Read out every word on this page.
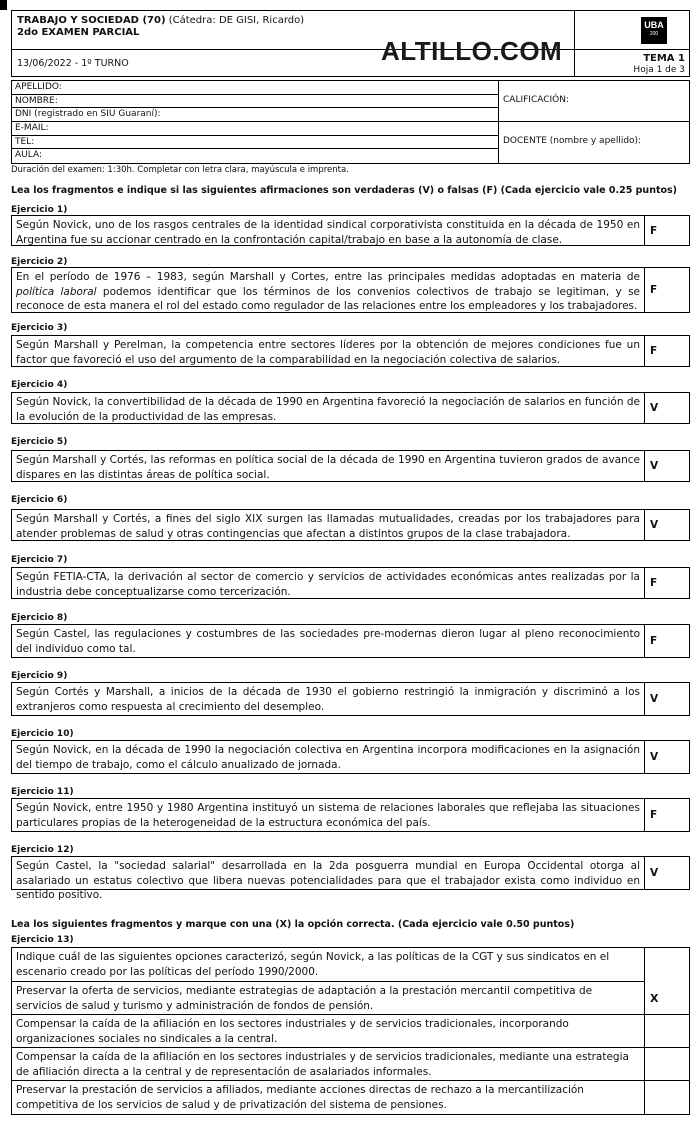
TRABAJO Y SOCIEDAD (70) (Cátedra: DE GISI, Ricardo)
2do EXAMEN PARCIAL
ALTILLO.COM
13/06/2022 - 1º TURNO
UBA
200
TEMA 1
Hoja 1 de 3
APELLIDO:
NOMBRE:
DNI (registrado en SIU Guaraní):
E-MAIL:
TEL:
AULA:
CALIFICACIÓN:
DOCENTE (nombre y apellido):
Duración del examen: 1:30h. Completar con letra clara, mayúscula e imprenta.
Lea los fragmentos e indique si las siguientes afirmaciones son verdaderas (V) o falsas (F) (Cada ejercicio vale 0.25 puntos)
Ejercicio 1)
Según Novick, uno de los rasgos centrales de la identidad sindical corporativista constituida en la década de 1950 en Argentina fue su accionar centrado en la confrontación capital/trabajo en base a la autonomía de clase.
F
Ejercicio 2)
En el período de 1976 – 1983, según Marshall y Cortes, entre las principales medidas adoptadas en materia de política laboral podemos identificar que los términos de los convenios colectivos de trabajo se legitiman, y se reconoce de esta manera el rol del estado como regulador de las relaciones entre los empleadores y los trabajadores.
F
Ejercicio 3)
Según Marshall y Perelman, la competencia entre sectores líderes por la obtención de mejores condiciones fue un factor que favoreció el uso del argumento de la comparabilidad en la negociación colectiva de salarios.
F
Ejercicio 4)
Según Novick, la convertibilidad de la década de 1990 en Argentina favoreció la negociación de salarios en función de la evolución de la productividad de las empresas.
V
Ejercicio 5)
Según Marshall y Cortés, las reformas en política social de la década de 1990 en Argentina tuvieron grados de avance dispares en las distintas áreas de política social.
V
Ejercicio 6)
Según Marshall y Cortés, a fines del siglo XIX surgen las llamadas mutualidades, creadas por los trabajadores para atender problemas de salud y otras contingencias que afectan a distintos grupos de la clase trabajadora.
V
Ejercicio 7)
Según FETIA-CTA, la derivación al sector de comercio y servicios de actividades económicas antes realizadas por la industria debe conceptualizarse como tercerización.
F
Ejercicio 8)
Según Castel, las regulaciones y costumbres de las sociedades pre-modernas dieron lugar al pleno reconocimiento del individuo como tal.
F
Ejercicio 9)
Según Cortés y Marshall, a inicios de la década de 1930 el gobierno restringió la inmigración y discriminó a los extranjeros como respuesta al crecimiento del desempleo.
V
Ejercicio 10)
Según Novick, en la década de 1990 la negociación colectiva en Argentina incorpora modificaciones en la asignación del tiempo de trabajo, como el cálculo anualizado de jornada.
V
Ejercicio 11)
Según Novick, entre 1950 y 1980 Argentina instituyó un sistema de relaciones laborales que reflejaba las situaciones particulares propias de la heterogeneidad de la estructura económica del país.
F
Ejercicio 12)
Según Castel, la "sociedad salarial" desarrollada en la 2da posguerra mundial en Europa Occidental otorga al asalariado un estatus colectivo que libera nuevas potencialidades para que el trabajador exista como individuo en sentido positivo.
V
Lea los siguientes fragmentos y marque con una (X) la opción correcta. (Cada ejercicio vale 0.50 puntos)
Ejercicio 13)
Indique cuál de las siguientes opciones caracterizó, según Novick, a las políticas de la CGT y sus sindicatos en el escenario creado por las políticas del período 1990/2000.
Preservar la oferta de servicios, mediante estrategias de adaptación a la prestación mercantil competitiva de servicios de salud y turismo y administración de fondos de pensión.
X
Compensar la caída de la afiliación en los sectores industriales y de servicios tradicionales, incorporando organizaciones sociales no sindicales a la central.
Compensar la caída de la afiliación en los sectores industriales y de servicios tradicionales, mediante una estrategia de afiliación directa a la central y de representación de asalariados informales.
Preservar la prestación de servicios a afiliados, mediante acciones directas de rechazo a la mercantilización competitiva de los servicios de salud y de privatización del sistema de pensiones.
